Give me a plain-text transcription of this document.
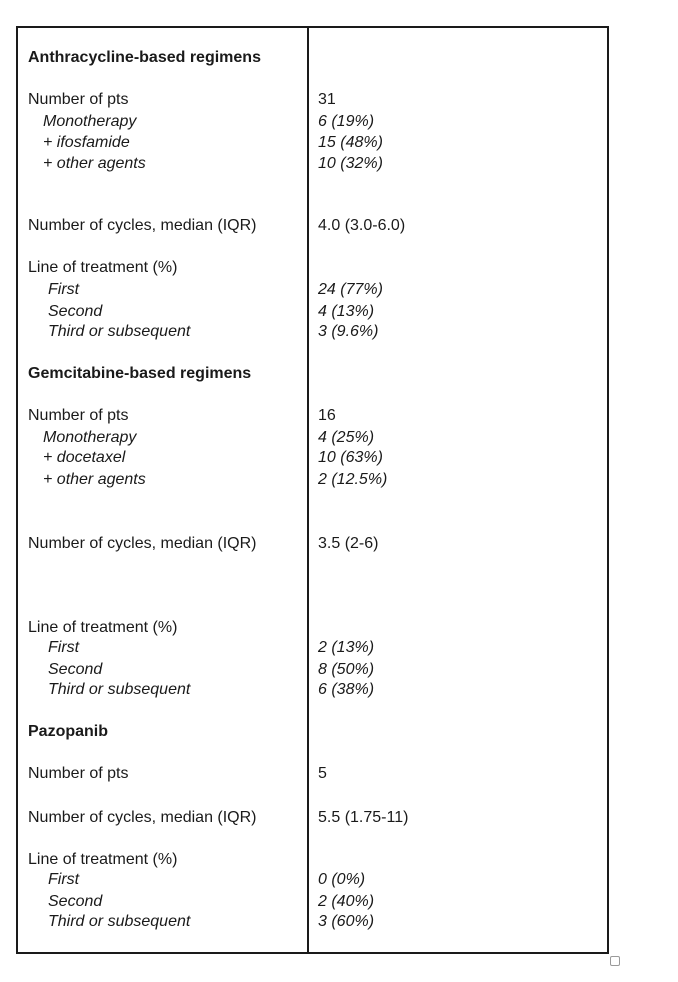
Anthracycline-based regimens
Number of pts	31
Monotherapy	6 (19%)
+ ifosfamide	15 (48%)
+ other agents	10 (32%)
Number of cycles, median (IQR)	4.0 (3.0-6.0)
Line of treatment (%)
First	24 (77%)
Second	4 (13%)
Third or subsequent	3 (9.6%)
Gemcitabine-based regimens
Number of pts	16
Monotherapy	4 (25%)
+ docetaxel	10 (63%)
+ other agents	2 (12.5%)
Number of cycles, median (IQR)	3.5 (2-6)
Line of treatment (%)
First	2 (13%)
Second	8 (50%)
Third or subsequent	6 (38%)
Pazopanib
Number of pts	5
Number of cycles, median (IQR)	5.5 (1.75-11)
Line of treatment (%)
First	0 (0%)
Second	2 (40%)
Third or subsequent	3 (60%)
